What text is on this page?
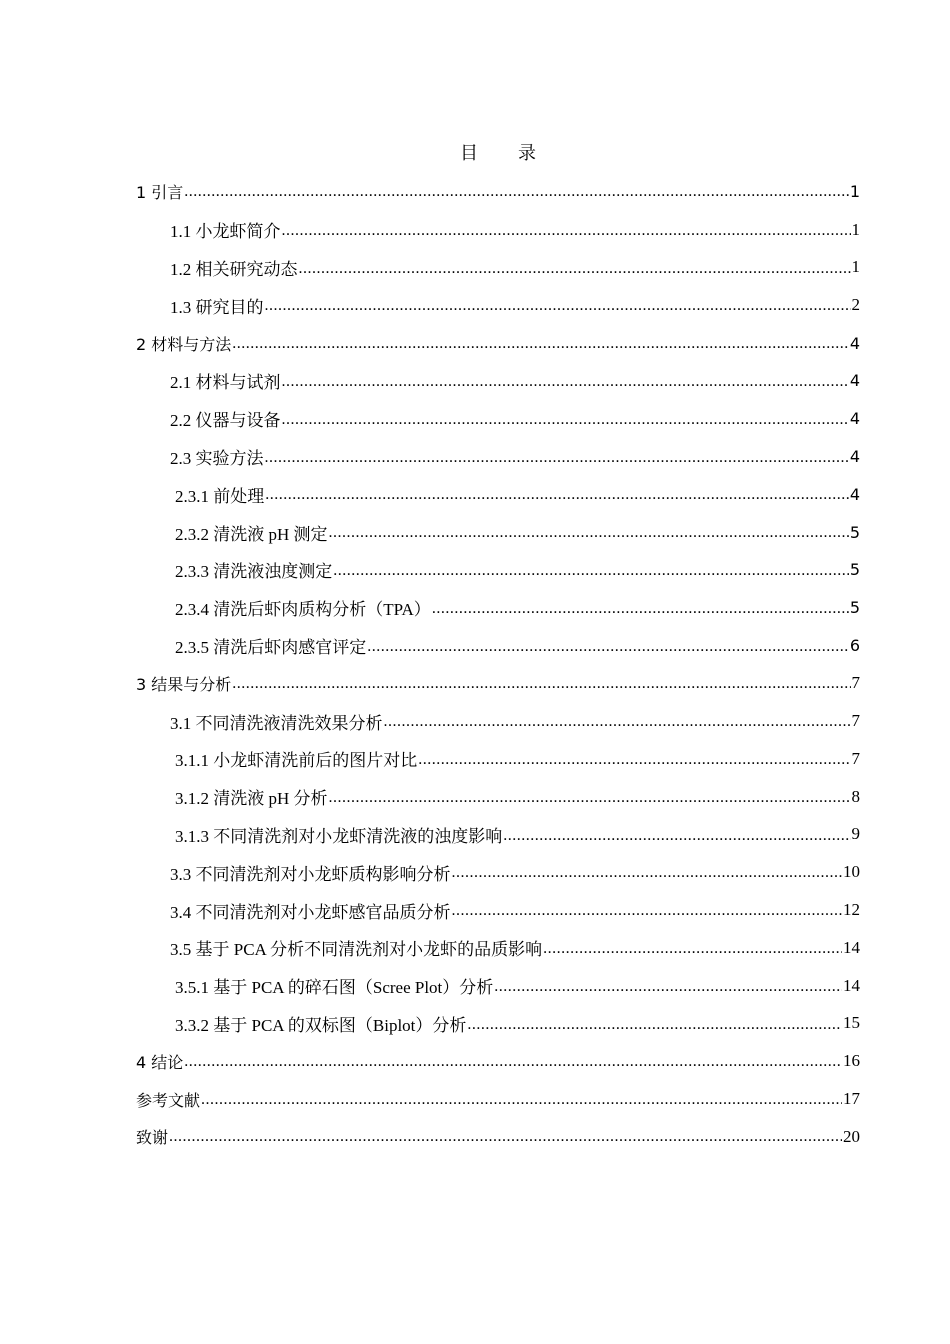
目 录
1 引言 .....	1
1.1 小龙虾简介 .....	1
1.2 相关研究动态 .....	1
1.3 研究目的 .....	2
2 材料与方法 .....	4
2.1 材料与试剂 .....	4
2.2 仪器与设备 .....	4
2.3 实验方法 .....	4
2.3.1 前处理 .....	4
2.3.2 清洗液 pH 测定 .....	5
2.3.3 清洗液浊度测定 .....	5
2.3.4 清洗后虾肉质构分析（TPA） .....	5
2.3.5 清洗后虾肉感官评定 .....	6
3 结果与分析 .....	7
3.1 不同清洗液清洗效果分析 .....	7
3.1.1 小龙虾清洗前后的图片对比 .....	7
3.1.2 清洗液 pH 分析 .....	8
3.1.3 不同清洗剂对小龙虾清洗液的浊度影响 .....	9
3.3 不同清洗剂对小龙虾质构影响分析 .....	10
3.4 不同清洗剂对小龙虾感官品质分析 .....	12
3.5 基于 PCA 分析不同清洗剂对小龙虾的品质影响 .....	14
3.5.1 基于 PCA 的碎石图（Scree Plot）分析 .....	14
3.3.2 基于 PCA 的双标图（Biplot）分析 .....	15
4 结论 .....	16
参考文献 .....	17
致谢 .....	20
